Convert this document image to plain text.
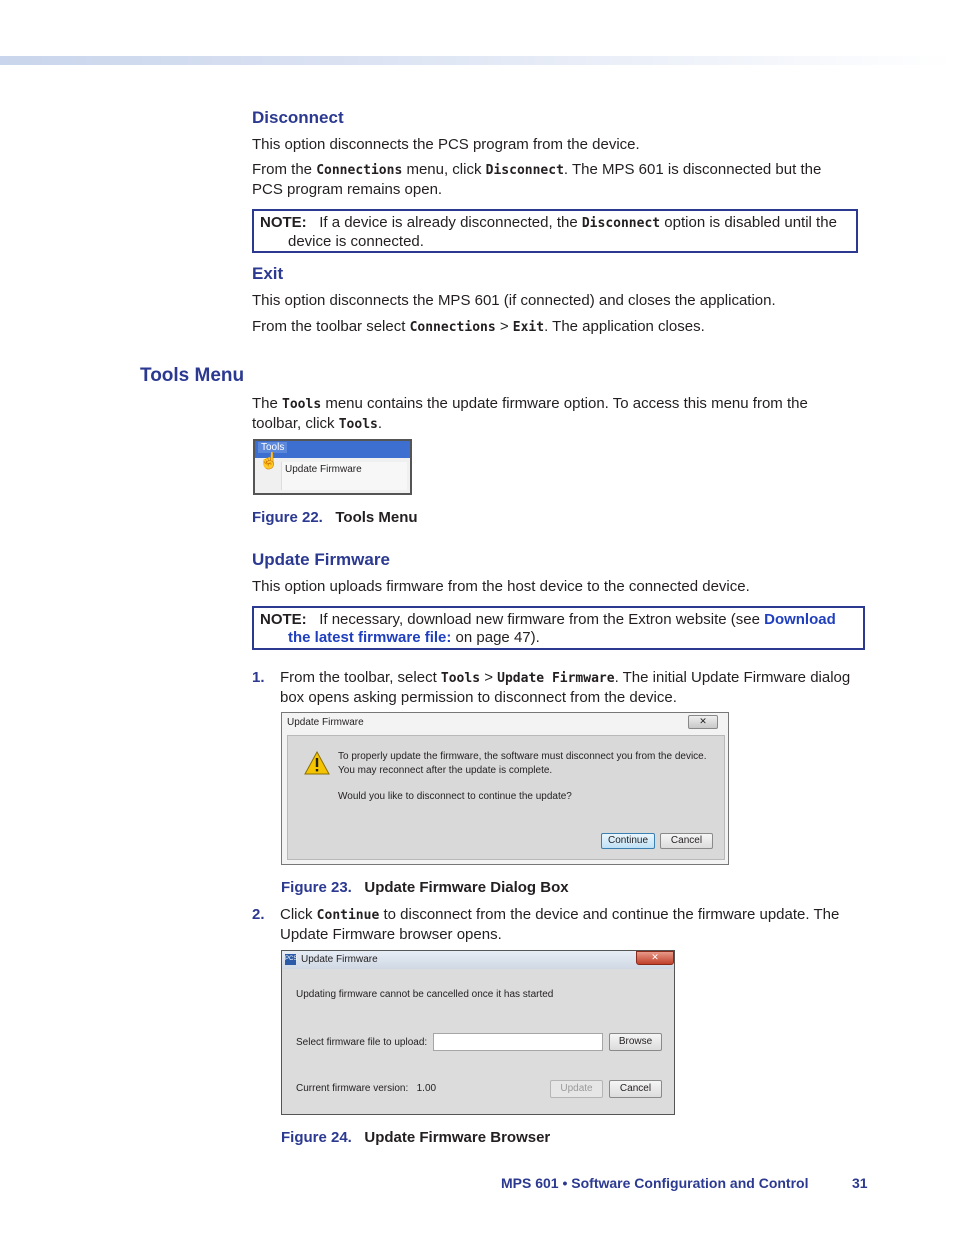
Disconnect
This option disconnects the PCS program from the device.
From the Connections menu, click Disconnect. The MPS 601 is disconnected but the
PCS program remains open.
NOTE: If a device is already disconnected, the Disconnect option is disabled until the
device is connected.
Exit
This option disconnects the MPS 601 (if connected) and closes the application.
From the toolbar select Connections > Exit. The application closes.
Tools Menu
The Tools menu contains the update firmware option. To access this menu from the
toolbar, click Tools.
Tools
☝ Update Firmware
Figure 22. Tools Menu
Update Firmware
This option uploads firmware from the host device to the connected device.
NOTE: If necessary, download new firmware from the Extron website (see Download
the latest firmware file: on page 47).
1. From the toolbar, select Tools > Update Firmware. The initial Update Firmware dialog
box opens asking permission to disconnect from the device.
Update Firmware	✕
To properly update the firmware, the software must disconnect you from the device.
You may reconnect after the update is complete.
Would you like to disconnect to continue the update?
Continue	Cancel
Figure 23. Update Firmware Dialog Box
2. Click Continue to disconnect from the device and continue the firmware update. The
Update Firmware browser opens.
PCS Update Firmware	✕
Updating firmware cannot be cancelled once it has started
Select firmware file to upload:	Browse
Current firmware version: 1.00	Update	Cancel
Figure 24. Update Firmware Browser
MPS 601 • Software Configuration and Control	31
